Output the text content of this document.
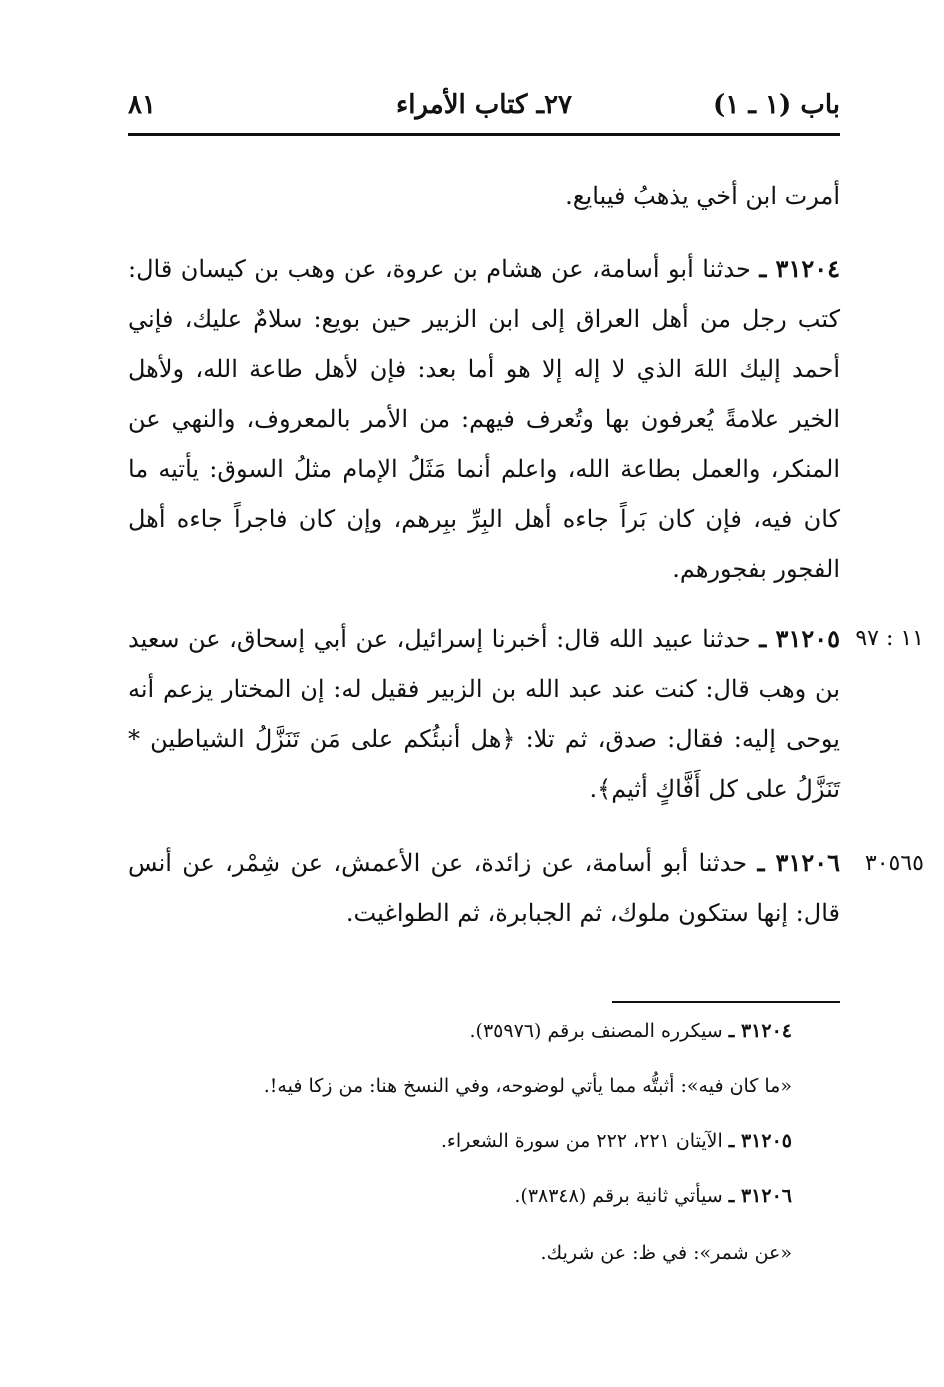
باب (١ ـ ١)
٢٧ـ كتاب الأمراء
٨١
أمرت ابن أخي يذهبُ فيبايع.
٣١٢٠٤ ـ حدثنا أبو أسامة، عن هشام بن عروة، عن وهب بن كيسان قال: كتب رجل من أهل العراق إلى ابن الزبير حين بويع: سلامٌ عليك، فإني أحمد إليك اللهَ الذي لا إله إلا هو أما بعد: فإن لأهل طاعة الله، ولأهل الخير علامةً يُعرفون بها وتُعرف فيهم: من الأمر بالمعروف، والنهي عن المنكر، والعمل بطاعة الله، واعلم أنما مَثَلُ الإمام مثلُ السوق: يأتيه ما كان فيه، فإن كان بَراً جاءه أهل البِرِّ ببِرهم، وإن كان فاجراً جاءه أهل الفجور بفجورهم.
١١ : ٩٧
٣١٢٠٥ ـ حدثنا عبيد الله قال: أخبرنا إسرائيل، عن أبي إسحاق، عن سعيد بن وهب قال: كنت عند عبد الله بن الزبير فقيل له: إن المختار يزعم أنه يوحى إليه: فقال: صدق، ثم تلا: ﴿هل أنبئُكم على مَن تَنَزَّلُ الشياطين * تَنَزَّلُ على كل أَفَّاكٍ أثيم﴾.
٣٠٥٦٥
٣١٢٠٦ ـ حدثنا أبو أسامة، عن زائدة، عن الأعمش، عن شِمْر، عن أنس قال: إنها ستكون ملوك، ثم الجبابرة، ثم الطواغيت.
٣١٢٠٤ ـ سيكرره المصنف برقم (٣٥٩٧٦).
«ما كان فيه»: أثبتُّه مما يأتي لوضوحه، وفي النسخ هنا: من زكا فيه!.
٣١٢٠٥ ـ الآيتان ٢٢١، ٢٢٢ من سورة الشعراء.
٣١٢٠٦ ـ سيأتي ثانية برقم (٣٨٣٤٨).
«عن شمر»: في ظ: عن شريك.
